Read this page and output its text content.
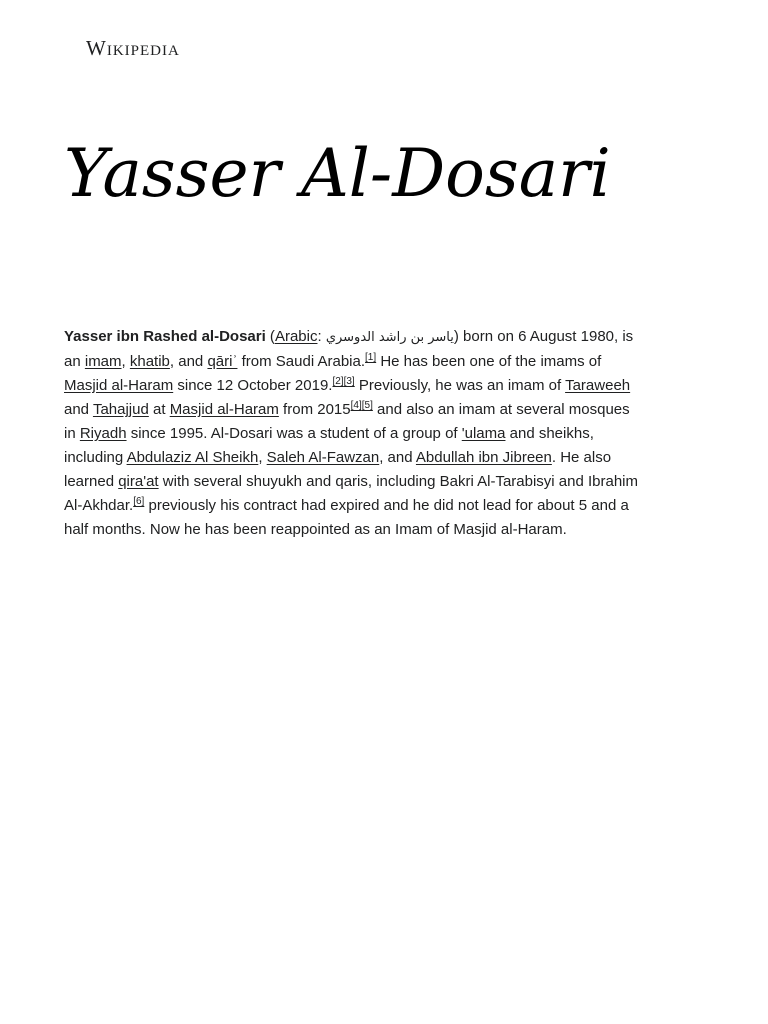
Wikipedia
Yasser Al-Dosari

Yasser ibn Rashed al-Dosari (Arabic: ياسر بن راشد الدوسري) born on 6 August 1980, is an imam, khatib, and qāriʾ from Saudi Arabia.[1] He has been one of the imams of Masjid al-Haram since 12 October 2019.[2][3] Previously, he was an imam of Taraweeh and Tahajjud at Masjid al-Haram from 2015[4][5] and also an imam at several mosques in Riyadh since 1995. Al-Dosari was a student of a group of 'ulama and sheikhs, including Abdulaziz Al Sheikh, Saleh Al-Fawzan, and Abdullah ibn Jibreen. He also learned qira'at with several shuyukh and qaris, including Bakri Al-Tarabisyi and Ibrahim Al-Akhdar.[6] previously his contract had expired and he did not lead for about 5 and a half months. Now he has been reappointed as an Imam of Masjid al-Haram.
